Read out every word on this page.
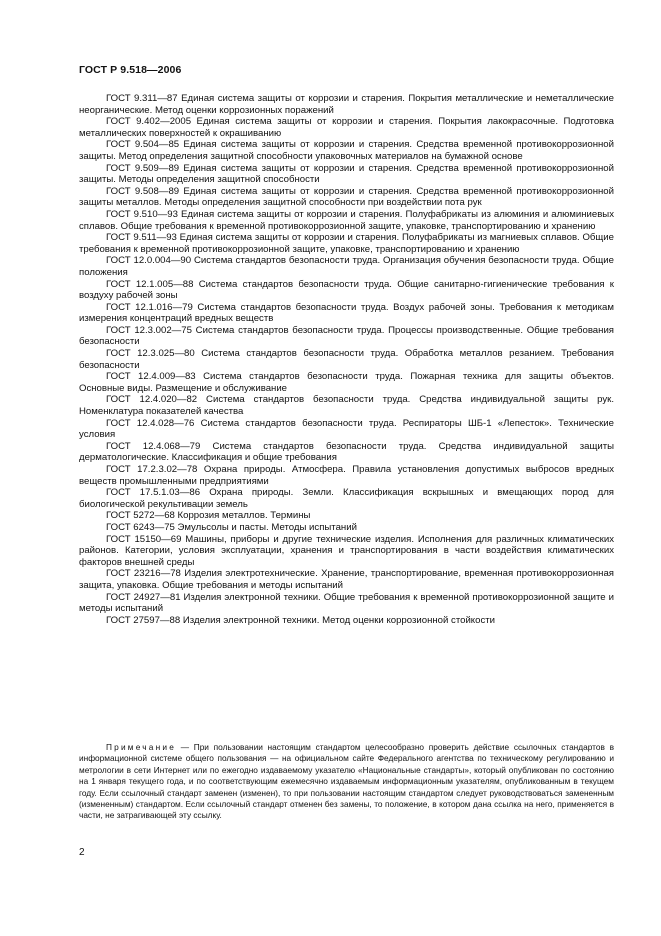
ГОСТ Р 9.518—2006

ГОСТ 9.311—87 Единая система защиты от коррозии и старения. Покрытия металлические и неметаллические неорганические. Метод оценки коррозионных поражений

ГОСТ 9.402—2005 Единая система защиты от коррозии и старения. Покрытия лакокрасочные. Подготовка металлических поверхностей к окрашиванию

ГОСТ 9.504—85 Единая система защиты от коррозии и старения. Средства временной противокоррозионной защиты. Метод определения защитной способности упаковочных материалов на бумажной основе

ГОСТ 9.509—89 Единая система защиты от коррозии и старения. Средства временной противокоррозионной защиты. Методы определения защитной способности

ГОСТ 9.508—89 Единая система защиты от коррозии и старения. Средства временной противокоррозионной защиты металлов. Методы определения защитной способности при воздействии пота рук

ГОСТ 9.510—93 Единая система защиты от коррозии и старения. Полуфабрикаты из алюминия и алюминиевых сплавов. Общие требования к временной противокоррозионной защите, упаковке, транспортированию и хранению

ГОСТ 9.511—93 Единая система защиты от коррозии и старения. Полуфабрикаты из магниевых сплавов. Общие требования к временной противокоррозионной защите, упаковке, транспортированию и хранению

ГОСТ 12.0.004—90 Система стандартов безопасности труда. Организация обучения безопасности труда. Общие положения

ГОСТ 12.1.005—88 Система стандартов безопасности труда. Общие санитарно-гигиенические требования к воздуху рабочей зоны

ГОСТ 12.1.016—79 Система стандартов безопасности труда. Воздух рабочей зоны. Требования к методикам измерения концентраций вредных веществ

ГОСТ 12.3.002—75 Система стандартов безопасности труда. Процессы производственные. Общие требования безопасности

ГОСТ 12.3.025—80 Система стандартов безопасности труда. Обработка металлов резанием. Требования безопасности

ГОСТ 12.4.009—83 Система стандартов безопасности труда. Пожарная техника для защиты объектов. Основные виды. Размещение и обслуживание

ГОСТ 12.4.020—82 Система стандартов безопасности труда. Средства индивидуальной защиты рук. Номенклатура показателей качества

ГОСТ 12.4.028—76 Система стандартов безопасности труда. Респираторы ШБ-1 «Лепесток». Технические условия

ГОСТ 12.4.068—79 Система стандартов безопасности труда. Средства индивидуальной защиты дерматологические. Классификация и общие требования

ГОСТ 17.2.3.02—78 Охрана природы. Атмосфера. Правила установления допустимых выбросов вредных веществ промышленными предприятиями

ГОСТ 17.5.1.03—86 Охрана природы. Земли. Классификация вскрышных и вмещающих пород для биологической рекультивации земель

ГОСТ 5272—68 Коррозия металлов. Термины

ГОСТ 6243—75 Эмульсолы и пасты. Методы испытаний

ГОСТ 15150—69 Машины, приборы и другие технические изделия. Исполнения для различных климатических районов. Категории, условия эксплуатации, хранения и транспортирования в части воздействия климатических факторов внешней среды

ГОСТ 23216—78 Изделия электротехнические. Хранение, транспортирование, временная противокоррозионная защита, упаковка. Общие требования и методы испытаний

ГОСТ 24927—81 Изделия электронной техники. Общие требования к временной противокоррозионной защите и методы испытаний

ГОСТ 27597—88 Изделия электронной техники. Метод оценки коррозионной стойкости

Примечание — При пользовании настоящим стандартом целесообразно проверить действие ссылочных стандартов в информационной системе общего пользования — на официальном сайте Федерального агентства по техническому регулированию и метрологии в сети Интернет или по ежегодно издаваемому указателю «Национальные стандарты», который опубликован по состоянию на 1 января текущего года, и по соответствующим ежемесячно издаваемым информационным указателям, опубликованным в текущем году. Если ссылочный стандарт заменен (изменен), то при пользовании настоящим стандартом следует руководствоваться замененным (измененным) стандартом. Если ссылочный стандарт отменен без замены, то положение, в котором дана ссылка на него, применяется в части, не затрагивающей эту ссылку.
2
